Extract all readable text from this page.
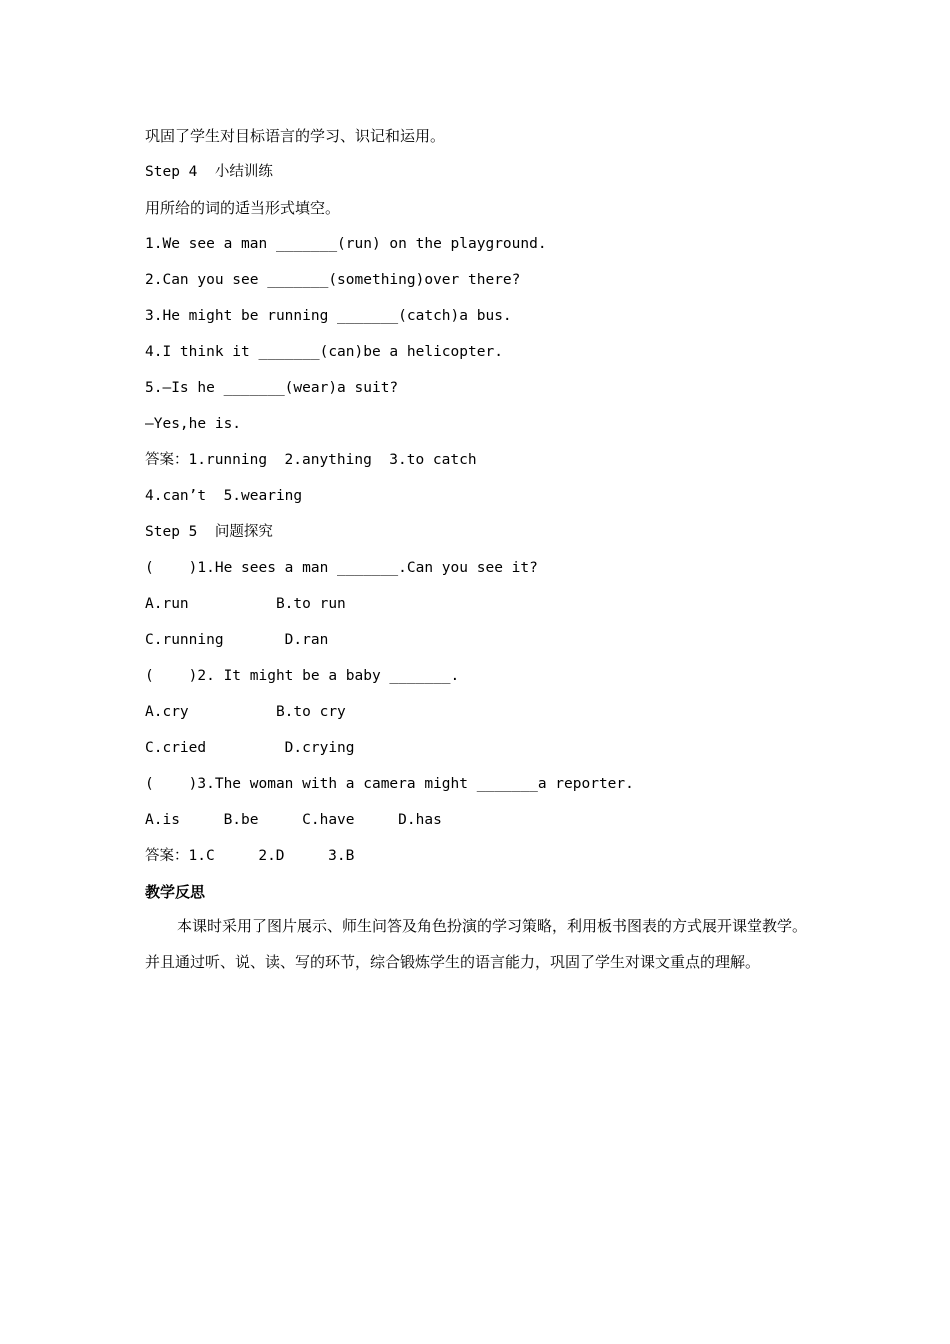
巩固了学生对目标语言的学习、识记和运用。
Step 4  小结训练
用所给的词的适当形式填空。
1.We see a man _______(run) on the playground.
2.Can you see _______(something)over there?
3.He might be running _______(catch)a bus.
4.I think it _______(can)be a helicopter.
5.—Is he _______(wear)a suit?
—Yes,he is.
答案：1.running  2.anything  3.to catch
4.can’t  5.wearing
Step 5  问题探究
(    )1.He sees a man _______.Can you see it?
A.run          B.to run
C.running       D.ran
(    )2. It might be a baby _______.
A.cry          B.to cry
C.cried         D.crying
(    )3.The woman with a camera might _______a reporter.
A.is     B.be     C.have     D.has
答案：1.C     2.D     3.B
教学反思
本课时采用了图片展示、师生问答及角色扮演的学习策略，利用板书图表的方式展开课堂教学。并且通过听、说、读、写的环节，综合锻炼学生的语言能力，巩固了学生对课文重点的理解。
